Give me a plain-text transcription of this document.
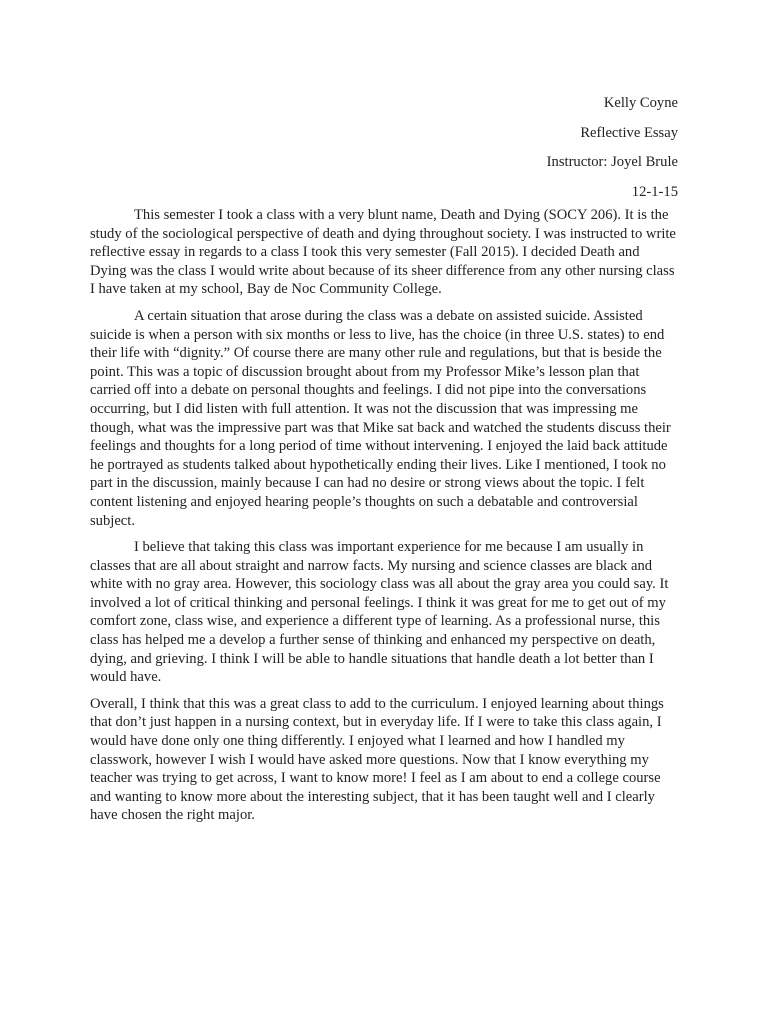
Kelly Coyne
Reflective Essay
Instructor: Joyel Brule
12-1-15

This semester I took a class with a very blunt name, Death and Dying (SOCY 206). It is the study of the sociological perspective of death and dying throughout society. I was instructed to write reflective essay in regards to a class I took this very semester (Fall 2015). I decided Death and Dying was the class I would write about because of its sheer difference from any other nursing class I have taken at my school, Bay de Noc Community College.

A certain situation that arose during the class was a debate on assisted suicide. Assisted suicide is when a person with six months or less to live, has the choice (in three U.S. states) to end their life with “dignity.” Of course there are many other rule and regulations, but that is beside the point. This was a topic of discussion brought about from my Professor Mike’s lesson plan that carried off into a debate on personal thoughts and feelings. I did not pipe into the conversations occurring, but I did listen with full attention. It was not the discussion that was impressing me though, what was the impressive part was that Mike sat back and watched the students discuss their feelings and thoughts for a long period of time without intervening. I enjoyed the laid back attitude he portrayed as students talked about hypothetically ending their lives. Like I mentioned, I took no part in the discussion, mainly because I can had no desire or strong views about the topic. I felt content listening and enjoyed hearing people’s thoughts on such a debatable and controversial subject.

I believe that taking this class was important experience for me because I am usually in classes that are all about straight and narrow facts. My nursing and science classes are black and white with no gray area. However, this sociology class was all about the gray area you could say. It involved a lot of critical thinking and personal feelings. I think it was great for me to get out of my comfort zone, class wise, and experience a different type of learning. As a professional nurse, this class has helped me a develop a further sense of thinking and enhanced my perspective on death, dying, and grieving. I think I will be able to handle situations that handle death a lot better than I would have.

Overall, I think that this was a great class to add to the curriculum. I enjoyed learning about things that don’t just happen in a nursing context, but in everyday life. If I were to take this class again, I would have done only one thing differently. I enjoyed what I learned and how I handled my classwork, however I wish I would have asked more questions. Now that I know everything my teacher was trying to get across, I want to know more! I feel as I am about to end a college course and wanting to know more about the interesting subject, that it has been taught well and I clearly have chosen the right major.
